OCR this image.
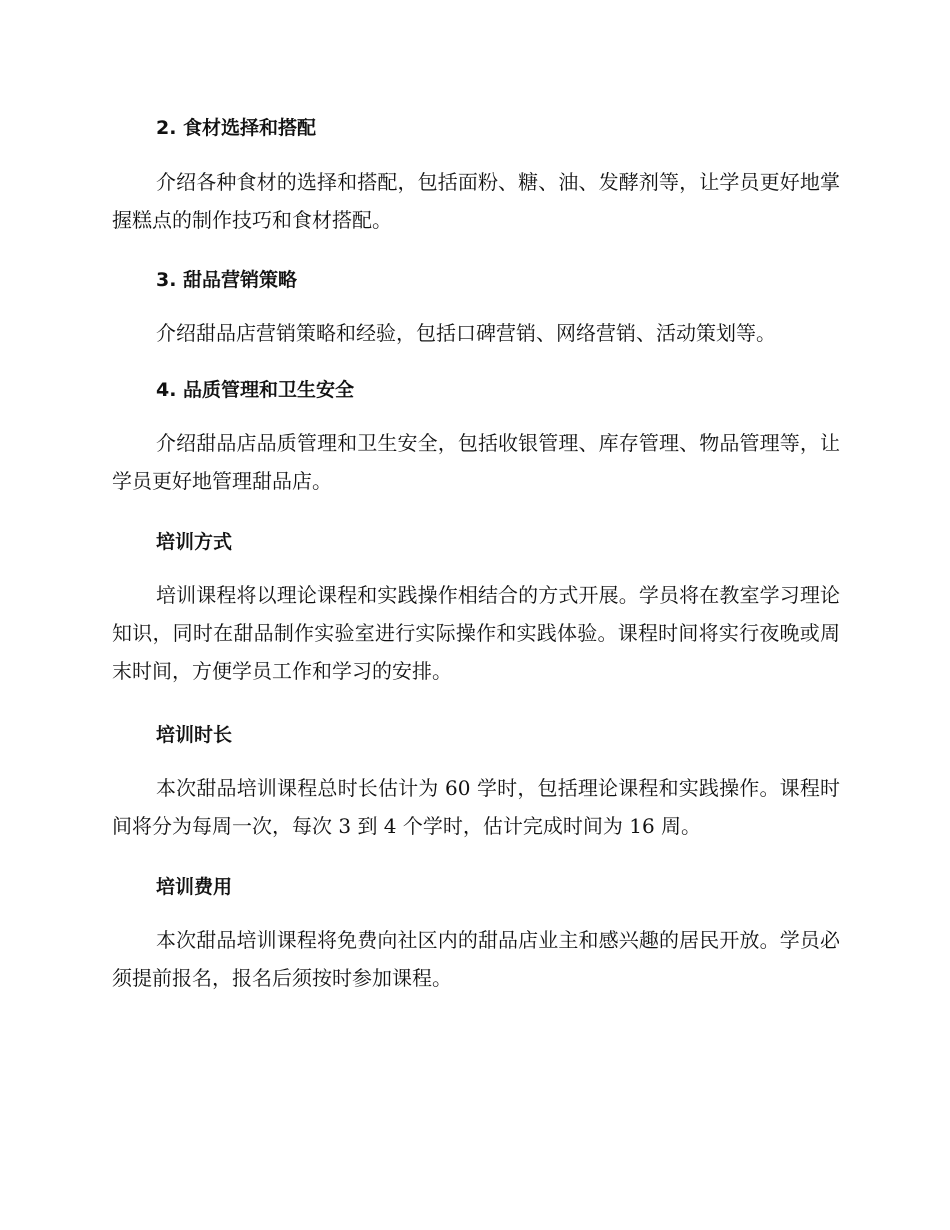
2. 食材选择和搭配

介绍各种食材的选择和搭配，包括面粉、糖、油、发酵剂等，让学员更好地掌握糕点的制作技巧和食材搭配。

3. 甜品营销策略

介绍甜品店营销策略和经验，包括口碑营销、网络营销、活动策划等。

4. 品质管理和卫生安全

介绍甜品店品质管理和卫生安全，包括收银管理、库存管理、物品管理等，让学员更好地管理甜品店。

培训方式

培训课程将以理论课程和实践操作相结合的方式开展。学员将在教室学习理论知识，同时在甜品制作实验室进行实际操作和实践体验。课程时间将实行夜晚或周末时间，方便学员工作和学习的安排。

培训时长

本次甜品培训课程总时长估计为 60 学时，包括理论课程和实践操作。课程时间将分为每周一次，每次 3 到 4 个学时，估计完成时间为 16 周。

培训费用

本次甜品培训课程将免费向社区内的甜品店业主和感兴趣的居民开放。学员必须提前报名，报名后须按时参加课程。
